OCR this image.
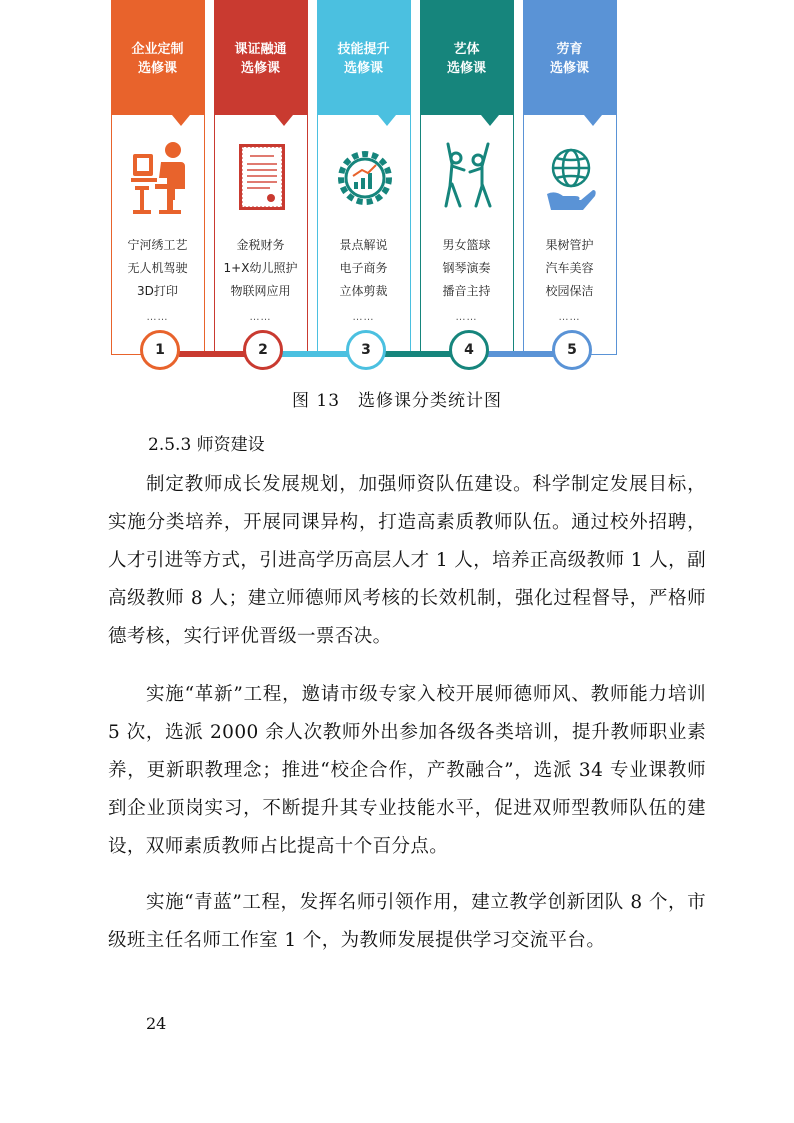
企业定制
选修课
宁河绣工艺
无人机驾驶
3D打印
……
课证融通
选修课
金税财务
1+X幼儿照护
物联网应用
……
技能提升
选修课
景点解说
电子商务
立体剪裁
……
艺体
选修课
男女篮球
钢琴演奏
播音主持
……
劳育
选修课
果树管护
汽车美容
校园保洁
……
1	2	3	4	5
图 13　选修课分类统计图
2.5.3 师资建设
制定教师成长发展规划，加强师资队伍建设。科学制定发展目标，实施分类培养，开展同课异构，打造高素质教师队伍。通过校外招聘，人才引进等方式，引进高学历高层人才 1 人，培养正高级教师 1 人，副高级教师 8 人；建立师德师风考核的长效机制，强化过程督导，严格师德考核，实行评优晋级一票否决。
实施“革新”工程，邀请市级专家入校开展师德师风、教师能力培训 5 次，选派 2000 余人次教师外出参加各级各类培训，提升教师职业素养，更新职教理念；推进“校企合作，产教融合”，选派 34 专业课教师到企业顶岗实习，不断提升其专业技能水平，促进双师型教师队伍的建设，双师素质教师占比提高十个百分点。
实施“青蓝”工程，发挥名师引领作用，建立教学创新团队 8 个，市级班主任名师工作室 1 个，为教师发展提供学习交流平台。
24
